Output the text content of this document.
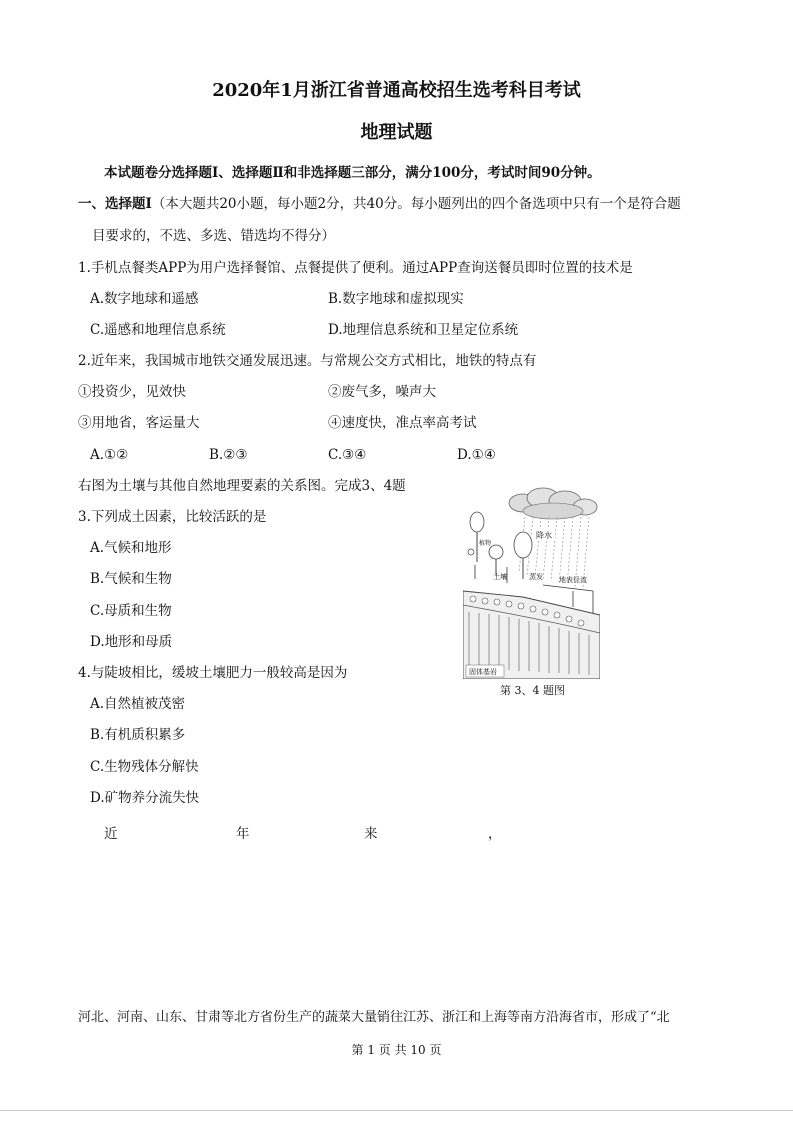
2020年1月浙江省普通高校招生选考科目考试
地理试题
本试题卷分选择题Ⅰ、选择题Ⅱ和非选择题三部分，满分100分，考试时间90分钟。
一、选择题Ⅰ（本大题共20小题，每小题2分，共40分。每小题列出的四个备选项中只有一个是符合题
目要求的，不选、多选、错选均不得分）
1.手机点餐类APP为用户选择餐馆、点餐提供了便利。通过APP查询送餐员即时位置的技术是
A.数字地球和遥感	B.数字地球和虚拟现实
C.遥感和地理信息系统	D.地理信息系统和卫星定位系统
2.近年来，我国城市地铁交通发展迅速。与常规公交方式相比，地铁的特点有
①投资少，见效快	②废气多，噪声大
③用地省，客运量大	④速度快，准点率高考试
A.①②	B.②③	C.③④	D.①④
右图为土壤与其他自然地理要素的关系图。完成3、4题
3.下列成土因素，比较活跃的是
A.气候和地形
B.气候和生物
C.母质和生物
D.地形和母质
4.与陡坡相比，缓坡土壤肥力一般较高是因为
A.自然植被茂密
B.有机质积累多
C.生物残体分解快
D.矿物养分流失快
降水
植物
土壤	蒸发 地表径流
固体基岩
第 3、4 题图
近	年	来	，
河北、河南、山东、甘肃等北方省份生产的蔬菜大量销往江苏、浙江和上海等南方沿海省市，形成了“北
第 1 页 共 10 页
